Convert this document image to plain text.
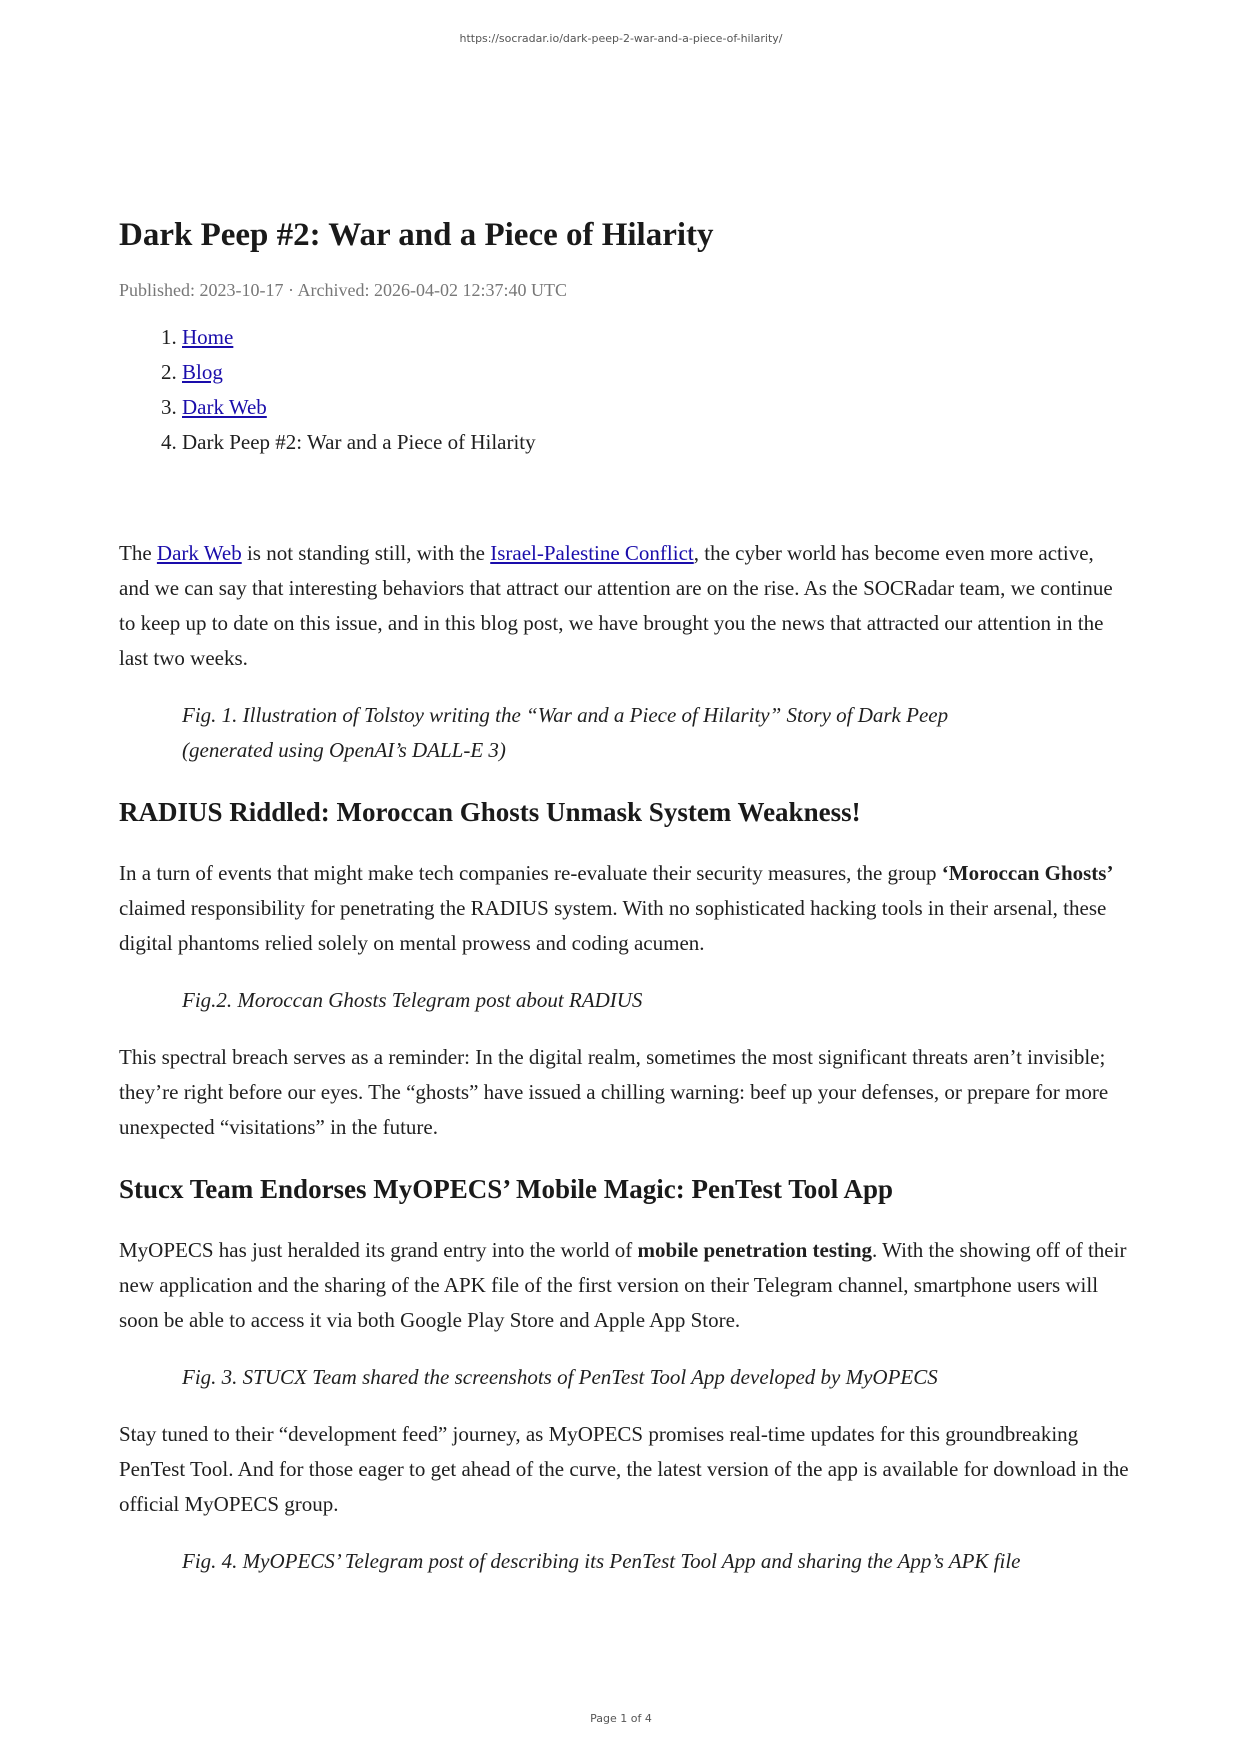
https://socradar.io/dark-peep-2-war-and-a-piece-of-hilarity/
Dark Peep #2: War and a Piece of Hilarity
Published: 2023-10-17 · Archived: 2026-04-02 12:37:40 UTC
1. Home
2. Blog
3. Dark Web
4. Dark Peep #2: War and a Piece of Hilarity

The Dark Web is not standing still, with the Israel-Palestine Conflict, the cyber world has become even more active, and we can say that interesting behaviors that attract our attention are on the rise. As the SOCRadar team, we continue to keep up to date on this issue, and in this blog post, we have brought you the news that attracted our attention in the last two weeks.

Fig. 1. Illustration of Tolstoy writing the “War and a Piece of Hilarity” Story of Dark Peep (generated using OpenAI’s DALL-E 3)
RADIUS Riddled: Moroccan Ghosts Unmask System Weakness!

In a turn of events that might make tech companies re-evaluate their security measures, the group ‘Moroccan Ghosts’ claimed responsibility for penetrating the RADIUS system. With no sophisticated hacking tools in their arsenal, these digital phantoms relied solely on mental prowess and coding acumen.

Fig.2. Moroccan Ghosts Telegram post about RADIUS

This spectral breach serves as a reminder: In the digital realm, sometimes the most significant threats aren’t invisible; they’re right before our eyes. The “ghosts” have issued a chilling warning: beef up your defenses, or prepare for more unexpected “visitations” in the future.

Stucx Team Endorses MyOPECS’ Mobile Magic: PenTest Tool App

MyOPECS has just heralded its grand entry into the world of mobile penetration testing. With the showing off of their new application and the sharing of the APK file of the first version on their Telegram channel, smartphone users will soon be able to access it via both Google Play Store and Apple App Store.

Fig. 3. STUCX Team shared the screenshots of PenTest Tool App developed by MyOPECS

Stay tuned to their “development feed” journey, as MyOPECS promises real-time updates for this groundbreaking PenTest Tool. And for those eager to get ahead of the curve, the latest version of the app is available for download in the official MyOPECS group.

Fig. 4. MyOPECS’ Telegram post of describing its PenTest Tool App and sharing the App’s APK file
Page 1 of 4
